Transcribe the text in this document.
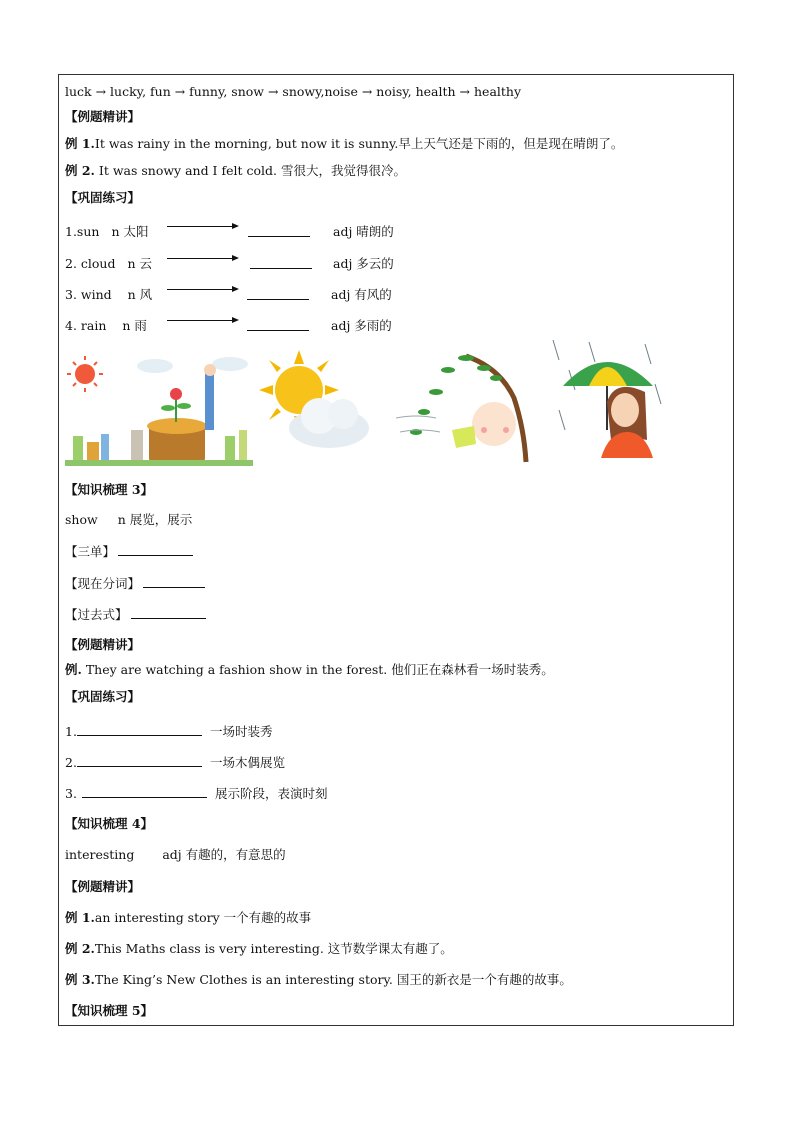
luck → lucky, fun → funny, snow → snowy,noise → noisy, health → healthy
【例题精讲】
例 1.It was rainy in the morning, but now it is sunny.早上天气还是下雨的，但是现在晴朗了。
例 2. It was snowy and I felt cold. 雪很大，我觉得很冷。
【巩固练习】
1.sun n 太阳	adj 晴朗的
2. cloud n 云	adj 多云的
3. wind n 风	adj 有风的
4. rain n 雨	adj 多雨的
【知识梳理 3】
show n 展览，展示
【三单】
【现在分词】
【过去式】
【例题精讲】
例. They are watching a fashion show in the forest. 他们正在森林看一场时装秀。
【巩固练习】
1.	一场时装秀
2.	一场木偶展览
3.	展示阶段，表演时刻
【知识梳理 4】
interesting adj 有趣的，有意思的
【例题精讲】
例 1.an interesting story 一个有趣的故事
例 2.This Maths class is very interesting. 这节数学课太有趣了。
例 3.The King’s New Clothes is an interesting story. 国王的新衣是一个有趣的故事。
【知识梳理 5】
